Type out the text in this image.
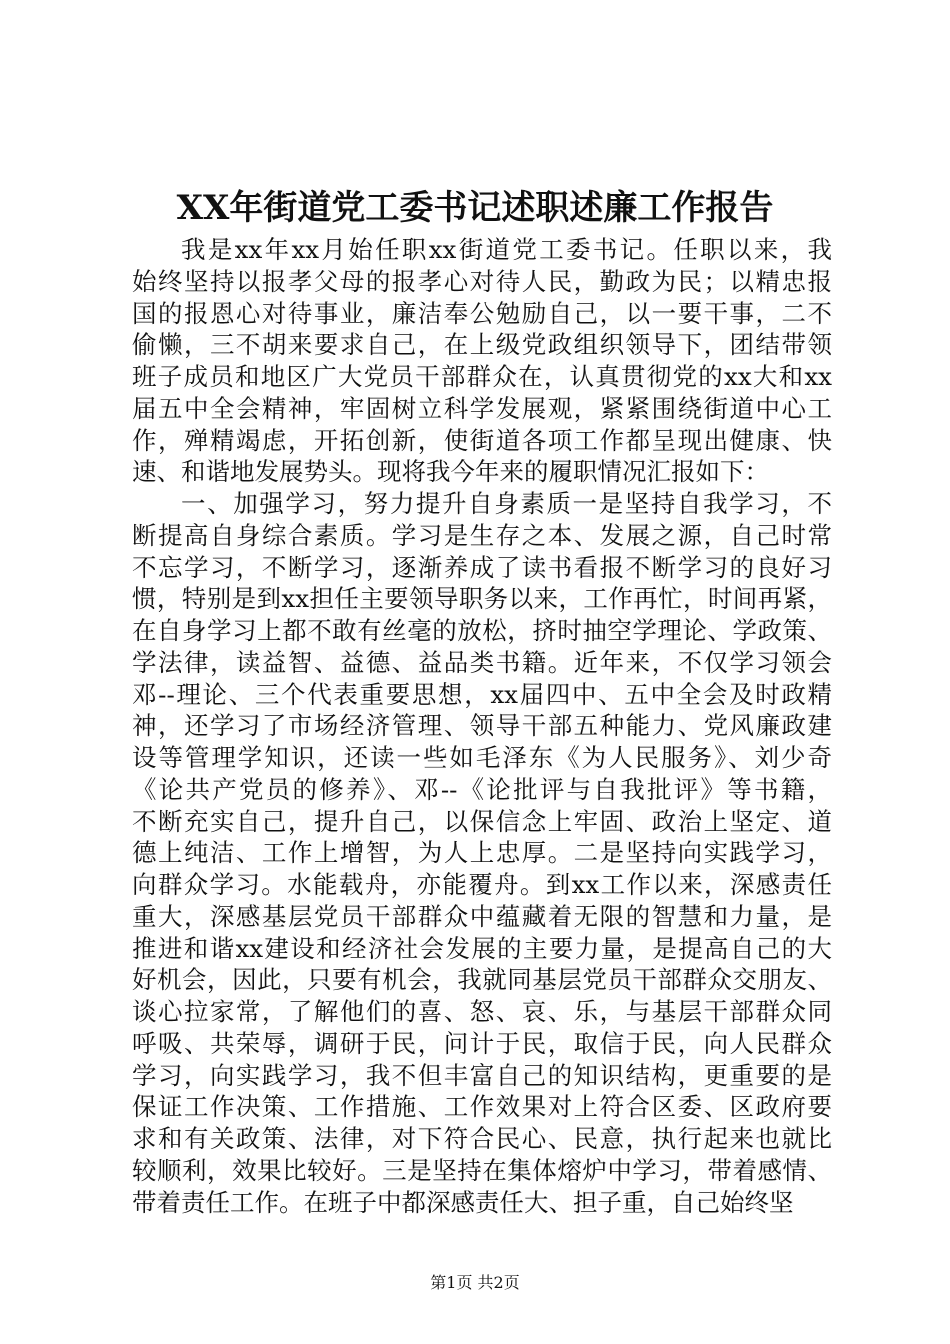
XX年街道党工委书记述职述廉工作报告
我是xx年xx月始任职xx街道党工委书记。任职以来，我
始终坚持以报孝父母的报孝心对待人民，勤政为民；以精忠报
国的报恩心对待事业，廉洁奉公勉励自己，以一要干事，二不
偷懒，三不胡来要求自己，在上级党政组织领导下，团结带领
班子成员和地区广大党员干部群众在，认真贯彻党的xx大和xx
届五中全会精神，牢固树立科学发展观，紧紧围绕街道中心工
作，殚精竭虑，开拓创新，使街道各项工作都呈现出健康、快
速、和谐地发展势头。现将我今年来的履职情况汇报如下：
一、加强学习，努力提升自身素质一是坚持自我学习，不
断提高自身综合素质。学习是生存之本、发展之源，自己时常
不忘学习，不断学习，逐渐养成了读书看报不断学习的良好习
惯，特别是到xx担任主要领导职务以来，工作再忙，时间再紧，
在自身学习上都不敢有丝毫的放松，挤时抽空学理论、学政策、
学法律，读益智、益德、益品类书籍。近年来，不仅学习领会
邓--理论、三个代表重要思想，xx届四中、五中全会及时政精
神，还学习了市场经济管理、领导干部五种能力、党风廉政建
设等管理学知识，还读一些如毛泽东《为人民服务》、刘少奇
《论共产党员的修养》、邓--《论批评与自我批评》等书籍，
不断充实自己，提升自己，以保信念上牢固、政治上坚定、道
德上纯洁、工作上增智，为人上忠厚。二是坚持向实践学习，
向群众学习。水能载舟，亦能覆舟。到xx工作以来，深感责任
重大，深感基层党员干部群众中蕴藏着无限的智慧和力量，是
推进和谐xx建设和经济社会发展的主要力量，是提高自己的大
好机会，因此，只要有机会，我就同基层党员干部群众交朋友、
谈心拉家常，了解他们的喜、怒、哀、乐，与基层干部群众同
呼吸、共荣辱，调研于民，问计于民，取信于民，向人民群众
学习，向实践学习，我不但丰富自己的知识结构，更重要的是
保证工作决策、工作措施、工作效果对上符合区委、区政府要
求和有关政策、法律，对下符合民心、民意，执行起来也就比
较顺利，效果比较好。三是坚持在集体熔炉中学习，带着感情、
带着责任工作。在班子中都深感责任大、担子重，自己始终坚
第1页 共2页
